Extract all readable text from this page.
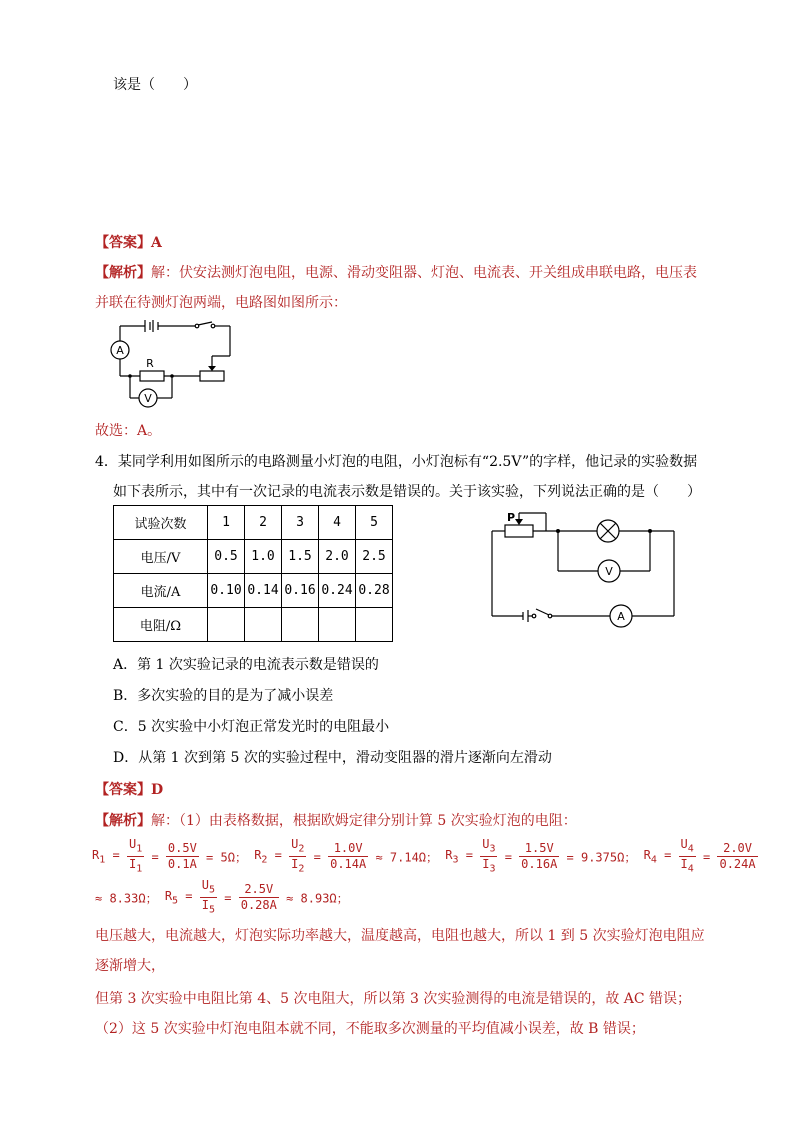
该是（　　）
【答案】A
【解析】解：伏安法测灯泡电阻，电源、滑动变阻器、灯泡、电流表、开关组成串联电路，电压表
并联在待测灯泡两端，电路图如图所示：
A
R
V
故选：A。
4．某同学利用如图所示的电路测量小灯泡的电阻，小灯泡标有“2.5V”的字样，他记录的实验数据
如下表所示，其中有一次记录的电流表示数是错误的。关于该实验，下列说法正确的是（　　）
试验次数	1	2	3	4	5
电压/V	0.5	1.0	1.5	2.0	2.5
电流/A	0.10	0.14	0.16	0.24	0.28
电阻/Ω					
P
V
A
A．第 1 次实验记录的电流表示数是错误的
B．多次实验的目的是为了减小误差
C．5 次实验中小灯泡正常发光时的电阻最小
D．从第 1 次到第 5 次的实验过程中，滑动变阻器的滑片逐渐向左滑动
【答案】D
【解析】解：（1）由表格数据，根据欧姆定律分别计算 5 次实验灯泡的电阻：
$R_1 = \frac{U_1}{I_1} = \frac{0.5V}{0.1A} = 5\Omega$； $R_2 = \frac{U_2}{I_2} = \frac{1.0V}{0.14A} \approx 7.14\Omega$； $R_3 = \frac{U_3}{I_3} = \frac{1.5V}{0.16A} = 9.375\Omega$； $R_4 = \frac{U_4}{I_4} = \frac{2.0V}{0.24A}$
≈ 8.33Ω； $R_5 = \frac{U_5}{I_5} = \frac{2.5V}{0.28A} \approx 8.93\Omega$；
电压越大，电流越大，灯泡实际功率越大，温度越高，电阻也越大，所以 1 到 5 次实验灯泡电阻应
逐渐增大，
但第 3 次实验中电阻比第 4、5 次电阻大，所以第 3 次实验测得的电流是错误的，故 AC 错误；
（2）这 5 次实验中灯泡电阻本就不同，不能取多次测量的平均值减小误差，故 B 错误；
